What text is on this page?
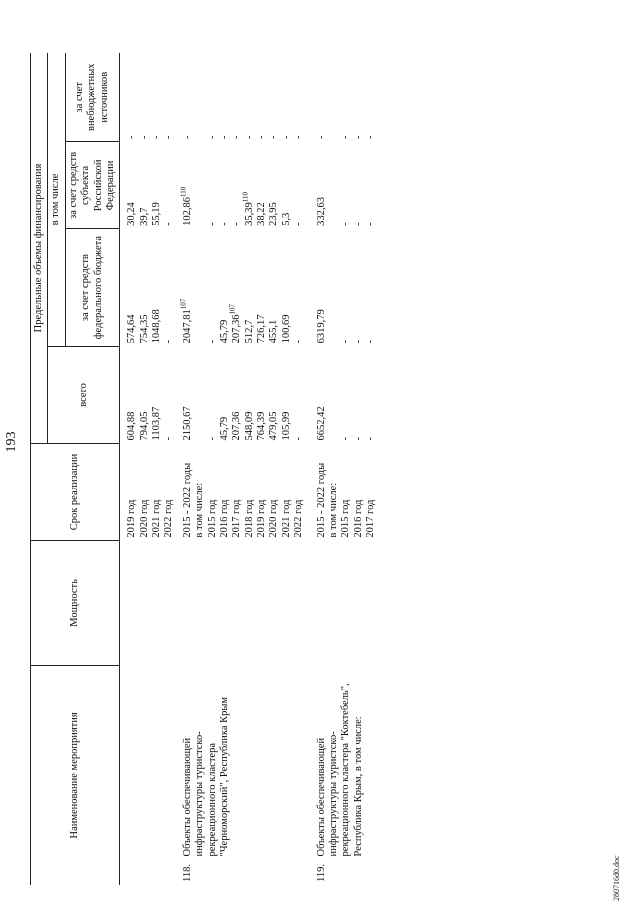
193
Наименование мероприятия		Мощность	Срок реализации	Предельные объемы финансирования			
				всего	в том числе		
					за счет средств федерального бюджета	за счет средств субъекта Российской Федерации	за счет внебюджетных источников

			2019 год	604,88	574,64	30,24	-
			2020 год	794,05	754,35	39,7	-
			2021 год	1103,87	1048,68	55,19	-
			2022 год	-	-	-	-

118.	Объекты обеспечивающей инфраструктуры туристско-рекреационного кластера "Черноморский", Республика Крым		2015 - 2022 годы	2150,67	2047,81$^{107}$	102,86$^{110}$	-
			в том числе:				
			2015 год	-	-	-	-
			2016 год	45,79	45,79	-	-
			2017 год	207,36	207,36$^{107}$	-	-
			2018 год	548,09	512,7	35,39$^{110}$	-
			2019 год	764,39	726,17	38,22	-
			2020 год	479,05	455,1	23,95	-
			2021 год	105,99	100,69	5,3	-
			2022 год	-	-	-	-

119.	Объекты обеспечивающей инфраструктуры туристско-рекреационного кластера "Коктебель", Республика Крым, в том числе:		2015 - 2022 годы	6652,42	6319,79	332,63	-
			в том числе:				
			2015 год	-	-	-	-
			2016 год	-	-	-	-
			2017 год	-	-	-	-
280716d0.doc
